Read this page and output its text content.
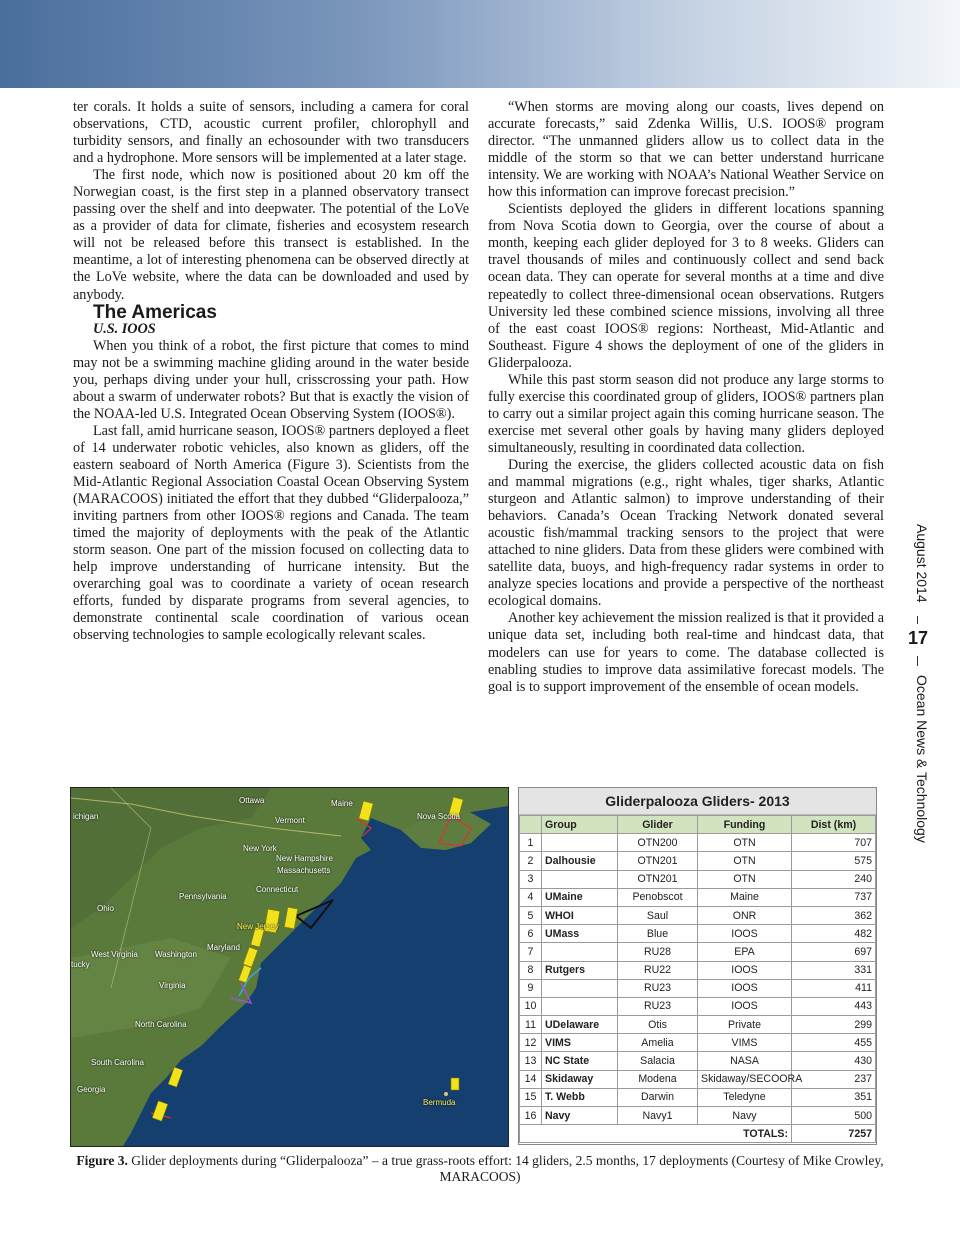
ter corals. It holds a suite of sensors, including a camera for coral observations, CTD, acoustic current profiler, chlorophyll and turbidity sensors, and finally an echosounder with two transducers and a hydrophone. More sensors will be implemented at a later stage.

The first node, which now is positioned about 20 km off the Norwegian coast, is the first step in a planned observatory transect passing over the shelf and into deepwater. The potential of the LoVe as a provider of data for climate, fisheries and ecosystem research will not be released before this transect is established. In the meantime, a lot of interesting phenomena can be observed directly at the LoVe website, where the data can be downloaded and used by anybody.

The Americas

U.S. IOOS

When you think of a robot, the first picture that comes to mind may not be a swimming machine gliding around in the water beside you, perhaps diving under your hull, crisscrossing your path. How about a swarm of underwater robots? But that is exactly the vision of the NOAA-led U.S. Integrated Ocean Observing System (IOOS®).

Last fall, amid hurricane season, IOOS® partners deployed a fleet of 14 underwater robotic vehicles, also known as gliders, off the eastern seaboard of North America (Figure 3). Scientists from the Mid-Atlantic Regional Association Coastal Ocean Observing System (MARACOOS) initiated the effort that they dubbed “Gliderpalooza,” inviting partners from other IOOS® regions and Canada. The team timed the majority of deployments with the peak of the Atlantic storm season. One part of the mission focused on collecting data to help improve understanding of hurricane intensity. But the overarching goal was to coordinate a variety of ocean research efforts, funded by disparate programs from several agencies, to demonstrate continental scale coordination of various ocean observing technologies to sample ecologically relevant scales.

“When storms are moving along our coasts, lives depend on accurate forecasts,” said Zdenka Willis, U.S. IOOS® program director. “The unmanned gliders allow us to collect data in the middle of the storm so that we can better understand hurricane intensity. We are working with NOAA’s National Weather Service on how this information can improve forecast precision.”

Scientists deployed the gliders in different locations spanning from Nova Scotia down to Georgia, over the course of about a month, keeping each glider deployed for 3 to 8 weeks. Gliders can travel thousands of miles and continuously collect and send back ocean data. They can operate for several months at a time and dive repeatedly to collect three-dimensional ocean observations. Rutgers University led these combined science missions, involving all three of the east coast IOOS® regions: Northeast, Mid-Atlantic and Southeast. Figure 4 shows the deployment of one of the gliders in Gliderpalooza.

While this past storm season did not produce any large storms to fully exercise this coordinated group of gliders, IOOS® partners plan to carry out a similar project again this coming hurricane season. The exercise met several other goals by having many gliders deployed simultaneously, resulting in coordinated data collection.

During the exercise, the gliders collected acoustic data on fish and mammal migrations (e.g., right whales, tiger sharks, Atlantic sturgeon and Atlantic salmon) to improve understanding of their behaviors. Canada’s Ocean Tracking Network donated several acoustic fish/mammal tracking sensors to the project that were attached to nine gliders. Data from these gliders were combined with satellite data, buoys, and high-frequency radar systems in order to analyze species locations and provide a perspective of the northeast ecological domains.

Another key achievement the mission realized is that it provided a unique data set, including both real-time and hindcast data, that modelers can use for years to come. The database collected is enabling studies to improve data assimilative forecast models. The goal is to support improvement of the ensemble of ocean models.

August 2014
17
Ocean News & Technology
Ottawa	Maine
ichigan	Vermont	Nova Scotia
New York
New Hampshire
Massachusetts
Connecticut
Pennsylvania
Ohio
New Jersey
Maryland
West Virginia Washington
tucky
Virginia
North Carolina
South Carolina
Georgia
Bermuda
Gliderpalooza Gliders- 2013
	Group	Glider	Funding	Dist (km)
1		OTN200	OTN	707
2	Dalhousie	OTN201	OTN	575
3		OTN201	OTN	240
4	UMaine	Penobscot	Maine	737
5	WHOI	Saul	ONR	362
6	UMass	Blue	IOOS	482
7		RU28	EPA	697
8	Rutgers	RU22	IOOS	331
9		RU23	IOOS	411
10		RU23	IOOS	443
11	UDelaware	Otis	Private	299
12	VIMS	Amelia	VIMS	455
13	NC State	Salacia	NASA	430
14	Skidaway	Modena	Skidaway/SECOORA	237
15	T. Webb	Darwin	Teledyne	351
16	Navy	Navy1	Navy	500
TOTALS:				7257
Figure 3. Glider deployments during “Gliderpalooza” – a true grass-roots effort: 14 gliders, 2.5 months, 17 deployments (Courtesy of Mike Crowley, MARACOOS)
